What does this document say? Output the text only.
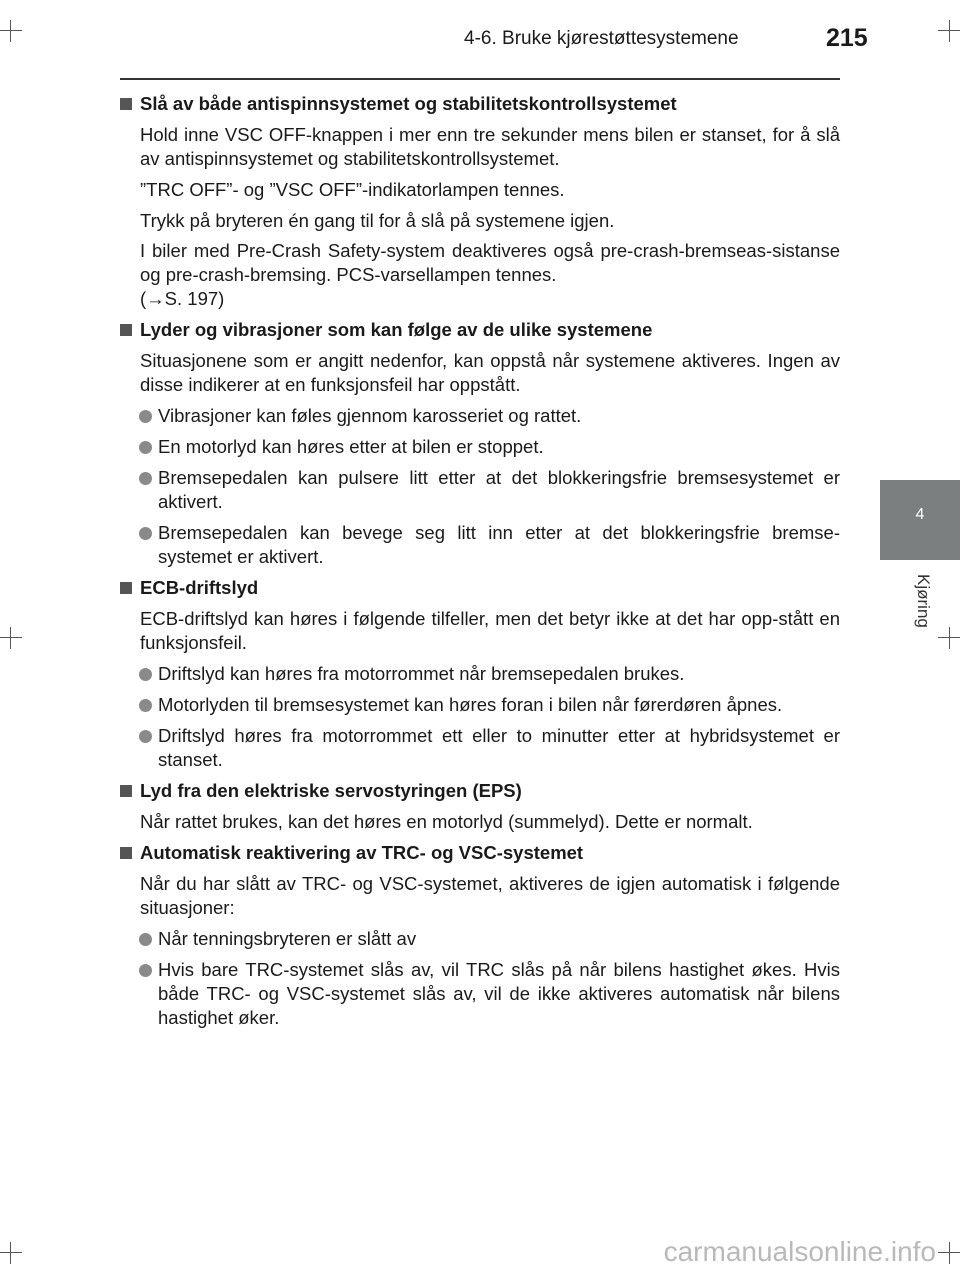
4-6. Bruke kjørestøttesystemene	215
4
Kjøring
Slå av både antispinnsystemet og stabilitetskontrollsystemet
Hold inne VSC OFF-knappen i mer enn tre sekunder mens bilen er stanset, for å slå av antispinnsystemet og stabilitetskontrollsystemet.
”TRC OFF”- og ”VSC OFF”-indikatorlampen tennes.
Trykk på bryteren én gang til for å slå på systemene igjen.
I biler med Pre-Crash Safety-system deaktiveres også pre-crash-bremseas-sistanse og pre-crash-bremsing. PCS-varsellampen tennes.
(→S. 197)
Lyder og vibrasjoner som kan følge av de ulike systemene
Situasjonene som er angitt nedenfor, kan oppstå når systemene aktiveres. Ingen av disse indikerer at en funksjonsfeil har oppstått.
Vibrasjoner kan føles gjennom karosseriet og rattet.
En motorlyd kan høres etter at bilen er stoppet.
Bremsepedalen kan pulsere litt etter at det blokkeringsfrie bremsesystemet er aktivert.
Bremsepedalen kan bevege seg litt inn etter at det blokkeringsfrie bremse-systemet er aktivert.
ECB-driftslyd
ECB-driftslyd kan høres i følgende tilfeller, men det betyr ikke at det har opp-stått en funksjonsfeil.
Driftslyd kan høres fra motorrommet når bremsepedalen brukes.
Motorlyden til bremsesystemet kan høres foran i bilen når førerdøren åpnes.
Driftslyd høres fra motorrommet ett eller to minutter etter at hybridsystemet er stanset.
Lyd fra den elektriske servostyringen (EPS)
Når rattet brukes, kan det høres en motorlyd (summelyd). Dette er normalt.
Automatisk reaktivering av TRC- og VSC-systemet
Når du har slått av TRC- og VSC-systemet, aktiveres de igjen automatisk i følgende situasjoner:
Når tenningsbryteren er slått av
Hvis bare TRC-systemet slås av, vil TRC slås på når bilens hastighet økes. Hvis både TRC- og VSC-systemet slås av, vil de ikke aktiveres automatisk når bilens hastighet øker.
carmanualsonline.info
